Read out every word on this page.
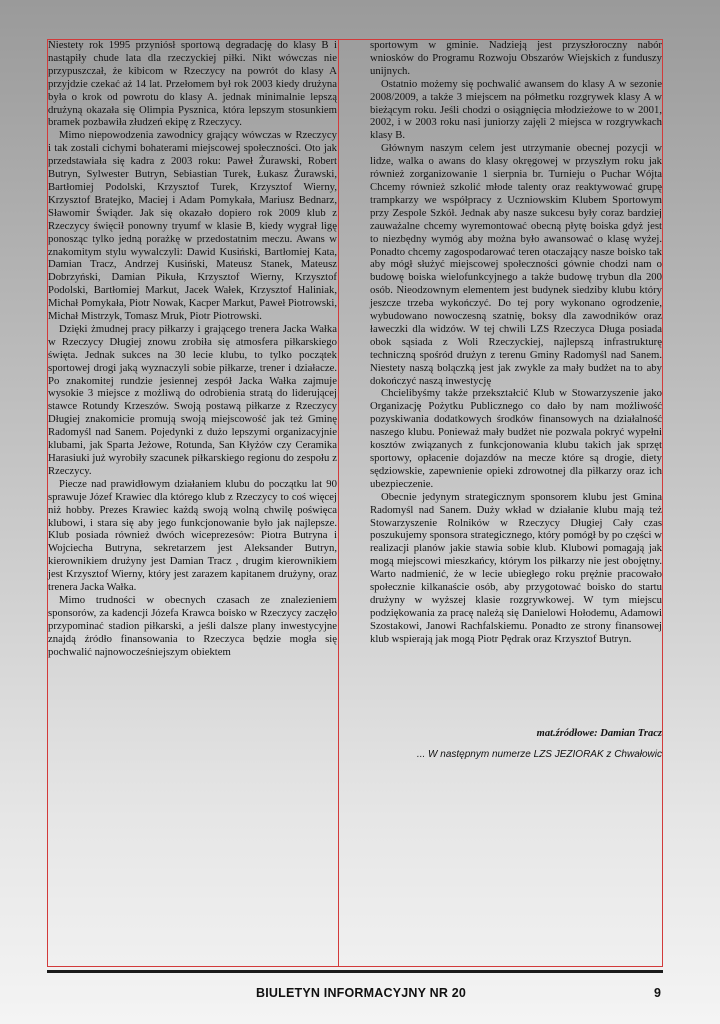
Niestety rok 1995 przyniósł sportową degradację do klasy B i nastąpiły chude lata dla rzeczyckiej piłki. Nikt wówczas nie przypuszczał, że kibicom w Rzeczycy na powrót do klasy A przyjdzie czekać aż 14 lat. Przełomem był rok 2003 kiedy drużyna była o krok od powrotu do klasy A. jednak minimalnie lepszą drużyną okazała się Olimpia Pysznica, która lepszym stosunkiem bramek pozbawiła złudzeń ekipę z Rzeczycy.

Mimo niepowodzenia zawodnicy grający wówczas w Rzeczycy i tak zostali cichymi bohaterami miejscowej społeczności. Oto jak przedstawiała się kadra z 2003 roku: Paweł Żurawski, Robert Butryn, Sylwester Butryn, Sebiastian Turek, Łukasz Żurawski, Bartłomiej Podolski, Krzysztof Turek, Krzysztof Wierny, Krzysztof Bratejko, Maciej i Adam Pomykała, Mariusz Bednarz, Sławomir Świąder. Jak się okazało dopiero rok 2009 klub z Rzeczycy święcił ponowny tryumf w klasie B, kiedy wygrał ligę ponosząc tylko jedną porażkę w przedostatnim meczu. Awans w znakomitym stylu wywalczyli: Dawid Kusiński, Bartłomiej Kata, Damian Tracz, Andrzej Kusiński, Mateusz Stanek, Mateusz Dobrzyński, Damian Pikuła, Krzysztof Wierny, Krzysztof Podolski, Bartłomiej Markut, Jacek Wałek, Krzysztof Haliniak, Michał Pomykała, Piotr Nowak, Kacper Markut, Paweł Piotrowski, Michał Mistrzyk, Tomasz Mruk, Piotr Piotrowski.

Dzięki żmudnej pracy piłkarzy i grającego trenera Jacka Wałka w Rzeczycy Długiej znowu zrobiła się atmosfera piłkarskiego święta. Jednak sukces na 30 lecie klubu, to tylko początek sportowej drogi jaką wyznaczyli sobie piłkarze, trener i działacze. Po znakomitej rundzie jesiennej zespół Jacka Wałka zajmuje wysokie 3 miejsce z możliwą do odrobienia stratą do liderującej stawce Rotundy Krzeszów. Swoją postawą piłkarze z Rzeczycy Długiej znakomicie promują swoją miejscowość jak też Gminę Radomyśl nad Sanem. Pojedynki z dużo lepszymi organizacyjnie klubami, jak Sparta Jeżowe, Rotunda, San Kłyżów czy Ceramika Harasiuki już wyrobiły szacunek piłkarskiego regionu do zespołu z Rzeczycy.

Piecze nad prawidłowym działaniem klubu do początku lat 90 sprawuje Józef Krawiec dla którego klub z Rzeczycy to coś więcej niż hobby. Prezes Krawiec każdą swoją wolną chwilę poświęca klubowi, i stara się aby jego funkcjonowanie było jak najlepsze. Klub posiada również dwóch wiceprezesów: Piotra Butryna i Wojciecha Butryna, sekretarzem jest Aleksander Butryn, kierownikiem drużyny jest Damian Tracz , drugim kierownikiem jest Krzysztof Wierny, który jest zarazem kapitanem drużyny, oraz trenera Jacka Wałka.

Mimo trudności w obecnych czasach ze znalezieniem sponsorów, za kadencji Józefa Krawca boisko w Rzeczycy zaczęło przypominać stadion piłkarski, a jeśli dalsze plany inwestycyjne znajdą źródło finansowania to Rzeczyca będzie mogła się pochwalić najnowocześniejszym obiektem

sportowym w gminie. Nadzieją jest przyszłoroczny nabór wniosków do Programu Rozwoju Obszarów Wiejskich z funduszy unijnych.

Ostatnio możemy się pochwalić awansem do klasy A w sezonie 2008/2009, a także 3 miejscem na półmetku rozgrywek klasy A w bieżącym roku. Jeśli chodzi o osiągnięcia młodzieżowe to w 2001, 2002, i w 2003 roku nasi juniorzy zajęli 2 miejsca w rozgrywkach klasy B.

Głównym naszym celem jest utrzymanie obecnej pozycji w lidze, walka o awans do klasy okręgowej w przyszłym roku jak również zorganizowanie 1 sierpnia br. Turnieju o Puchar Wójta Chcemy również szkolić młode talenty oraz reaktywować grupę trampkarzy we współpracy z Uczniowskim Klubem Sportowym przy Zespole Szkół. Jednak aby nasze sukcesu były coraz bardziej zauważalne chcemy wyremontować obecną płytę boiska gdyż jest to niezbędny wymóg aby można było awansować o klasę wyżej. Ponadto chcemy zagospodarować teren otaczający nasze boisko tak aby mógł służyć miejscowej społeczności gównie chodzi nam o budowę boiska wielofunkcyjnego a także budowę trybun dla 200 osób. Nieodzownym elementem jest budynek siedziby klubu który jeszcze trzeba wykończyć. Do tej pory wykonano ogrodzenie, wybudowano nowoczesną szatnię, boksy dla zawodników oraz ławeczki dla widzów. W tej chwili LZS Rzeczyca Długa posiada obok sąsiada z Woli Rzeczyckiej, najlepszą infrastrukturę techniczną spośród drużyn z terenu Gminy Radomyśl nad Sanem. Niestety naszą bolączką jest jak zwykle za mały budżet na to aby dokończyć naszą inwestycję

Chcielibyśmy także przekształcić Klub w Stowarzyszenie jako Organizację Pożytku Publicznego co dało by nam możliwość pozyskiwania dodatkowych środków finansowych na działalność naszego klubu. Ponieważ mały budżet nie pozwala pokryć wypełni kosztów związanych z funkcjonowania klubu takich jak sprzęt sportowy, opłacenie dojazdów na mecze które są drogie, diety sędziowskie, zapewnienie opieki zdrowotnej dla piłkarzy oraz ich ubezpieczenie.

Obecnie jedynym strategicznym sponsorem klubu jest Gmina Radomyśl nad Sanem. Duży wkład w działanie klubu mają też Stowarzyszenie Rolników w Rzeczycy Długiej Cały czas poszukujemy sponsora strategicznego, który pomógł by po części w realizacji planów jakie stawia sobie klub. Klubowi pomagają jak mogą miejscowi mieszkańcy, którym los piłkarzy nie jest obojętny. Warto nadmienić, że w lecie ubiegłego roku prężnie pracowało społecznie kilkanaście osób, aby przygotować boisko do startu drużyny w wyższej klasie rozgrywkowej. W tym miejscu podziękowania za pracę należą się Danielowi Hołodemu, Adamowi Szostakowi, Janowi Rachfalskiemu. Ponadto ze strony finansowej klub wspierają jak mogą Piotr Pędrak oraz Krzysztof Butryn.

mat.źródłowe: Damian Tracz
... W następnym numerze LZS JEZIORAK z Chwałowic
BIULETYN INFORMACYJNY NR 20	9
